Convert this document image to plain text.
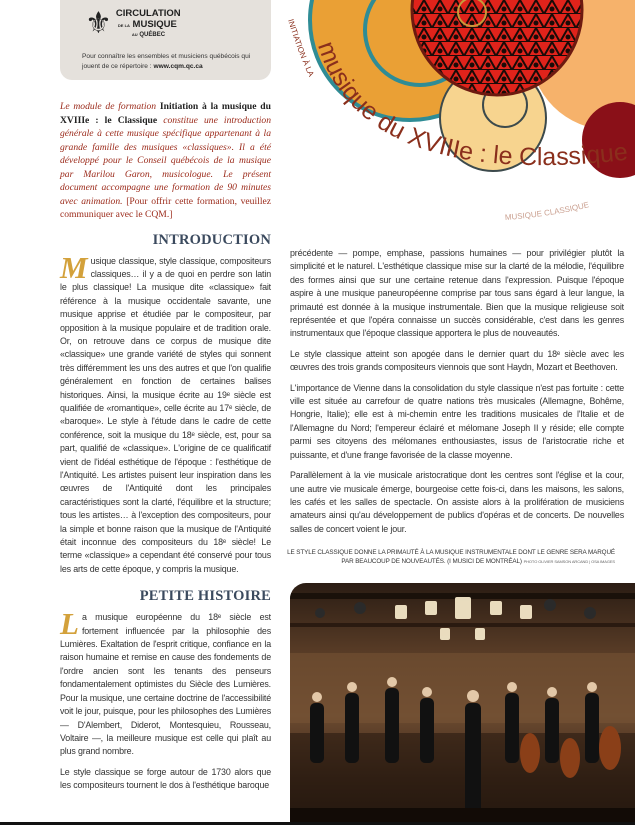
⚜ CIRCULATION
DE LA MUSIQUE
AU QUÉBEC
Pour connaître les ensembles et musiciens québécois qui jouent de ce répertoire : www.cqm.qc.ca
INITIATION À LA
musique du XVIIIe : le Classique
MUSIQUE CLASSIQUE
Le module de formation Initiation à la musique du XVIIIe : le Classique constitue une introduction générale à cette musique spécifique appartenant à la grande famille des musiques «classiques». Il a été développé pour le Conseil québécois de la musique par Marilou Garon, musicologue. Le présent document accompagne une formation de 90 minutes avec animation. [Pour offrir cette formation, veuillez communiquer avec le CQM.]
INTRODUCTION

Musique classique, style classique, compositeurs classiques… il y a de quoi en perdre son latin le plus classique! La musique dite «classique» fait référence à la musique occidentale savante, une musique apprise et étudiée par le compositeur, par opposition à la musique populaire et de tradition orale. Or, on retrouve dans ce corpus de musique dite «classique» une grande variété de styles qui sonnent très différemment les uns des autres et que l'on qualifie généralement en fonction de certaines balises historiques. Ainsi, la musique écrite au 19ᵉ siècle est qualifiée de «romantique», celle écrite au 17ᵉ siècle, de «baroque». Le style à l'étude dans le cadre de cette conférence, soit la musique du 18ᵉ siècle, est, pour sa part, qualifié de «classique». L'origine de ce qualificatif vient de l'idéal esthétique de l'époque : l'esthétique de l'Antiquité. Les artistes puisent leur inspiration dans les œuvres de l'Antiquité dont les principales caractéristiques sont la clarté, l'équilibre et la structure; tous les artistes… à l'exception des compositeurs, pour la simple et bonne raison que la musique de l'Antiquité était inconnue des compositeurs du 18ᵉ siècle! Le terme «classique» a cependant été conservé pour tous les arts de cette époque, y compris la musique.

PETITE HISTOIRE

La musique européenne du 18ᵉ siècle est fortement influencée par la philosophie des Lumières. Exaltation de l'esprit critique, confiance en la raison humaine et remise en cause des fondements de l'ordre ancien sont les tenants des penseurs fondamentalement optimistes du Siècle des Lumières. Pour la musique, une certaine doctrine de l'accessibilité voit le jour, puisque, pour les philosophes des Lumières — D'Alembert, Diderot, Montesquieu, Rousseau, Voltaire —, la meilleure musique est celle qui plaît au plus grand nombre.

Le style classique se forge autour de 1730 alors que les compositeurs tournent le dos à l'esthétique baroque

précédente — pompe, emphase, passions humaines — pour privilégier plutôt la simplicité et le naturel. L'esthétique classique mise sur la clarté de la mélodie, l'équilibre des formes ainsi que sur une certaine retenue dans l'expression. Puisque l'époque aspire à une musique paneuropéenne comprise par tous sans égard à leur langue, la primauté est donnée à la musique instrumentale. Bien que la musique religieuse soit représentée et que l'opéra connaisse un succès considérable, c'est dans les genres instrumentaux que l'époque classique apportera le plus de nouveautés.

Le style classique atteint son apogée dans le dernier quart du 18ᵉ siècle avec les œuvres des trois grands compositeurs viennois que sont Haydn, Mozart et Beethoven.

L'importance de Vienne dans la consolidation du style classique n'est pas fortuite : cette ville est située au carrefour de quatre nations très musicales (Allemagne, Bohême, Hongrie, Italie); elle est à mi-chemin entre les traditions musicales de l'Italie et de l'Allemagne du Nord; l'empereur éclairé et mélomane Joseph II y réside; elle compte parmi ses citoyens des mélomanes enthousiastes, issus de l'aristocratie riche et puissante, et d'une frange favorisée de la classe moyenne.

Parallèlement à la vie musicale aristocratique dont les centres sont l'église et la cour, une autre vie musicale émerge, bourgeoise cette fois-ci, dans les maisons, les salons, les cafés et les salles de spectacle. On assiste alors à la prolifération de musiciens amateurs ainsi qu'au développement de publics d'opéras et de concerts. De nouvelles salles de concert voient le jour.

LE STYLE CLASSIQUE DONNE LA PRIMAUTÉ À LA MUSIQUE INSTRUMENTALE DONT LE GENRE SERA MARQUÉ PAR BEAUCOUP DE NOUVEAUTÉS. (I MUSICI DE MONTRÉAL) PHOTO OLIVIER SAMSON ARCAND | OSA IMAGES
